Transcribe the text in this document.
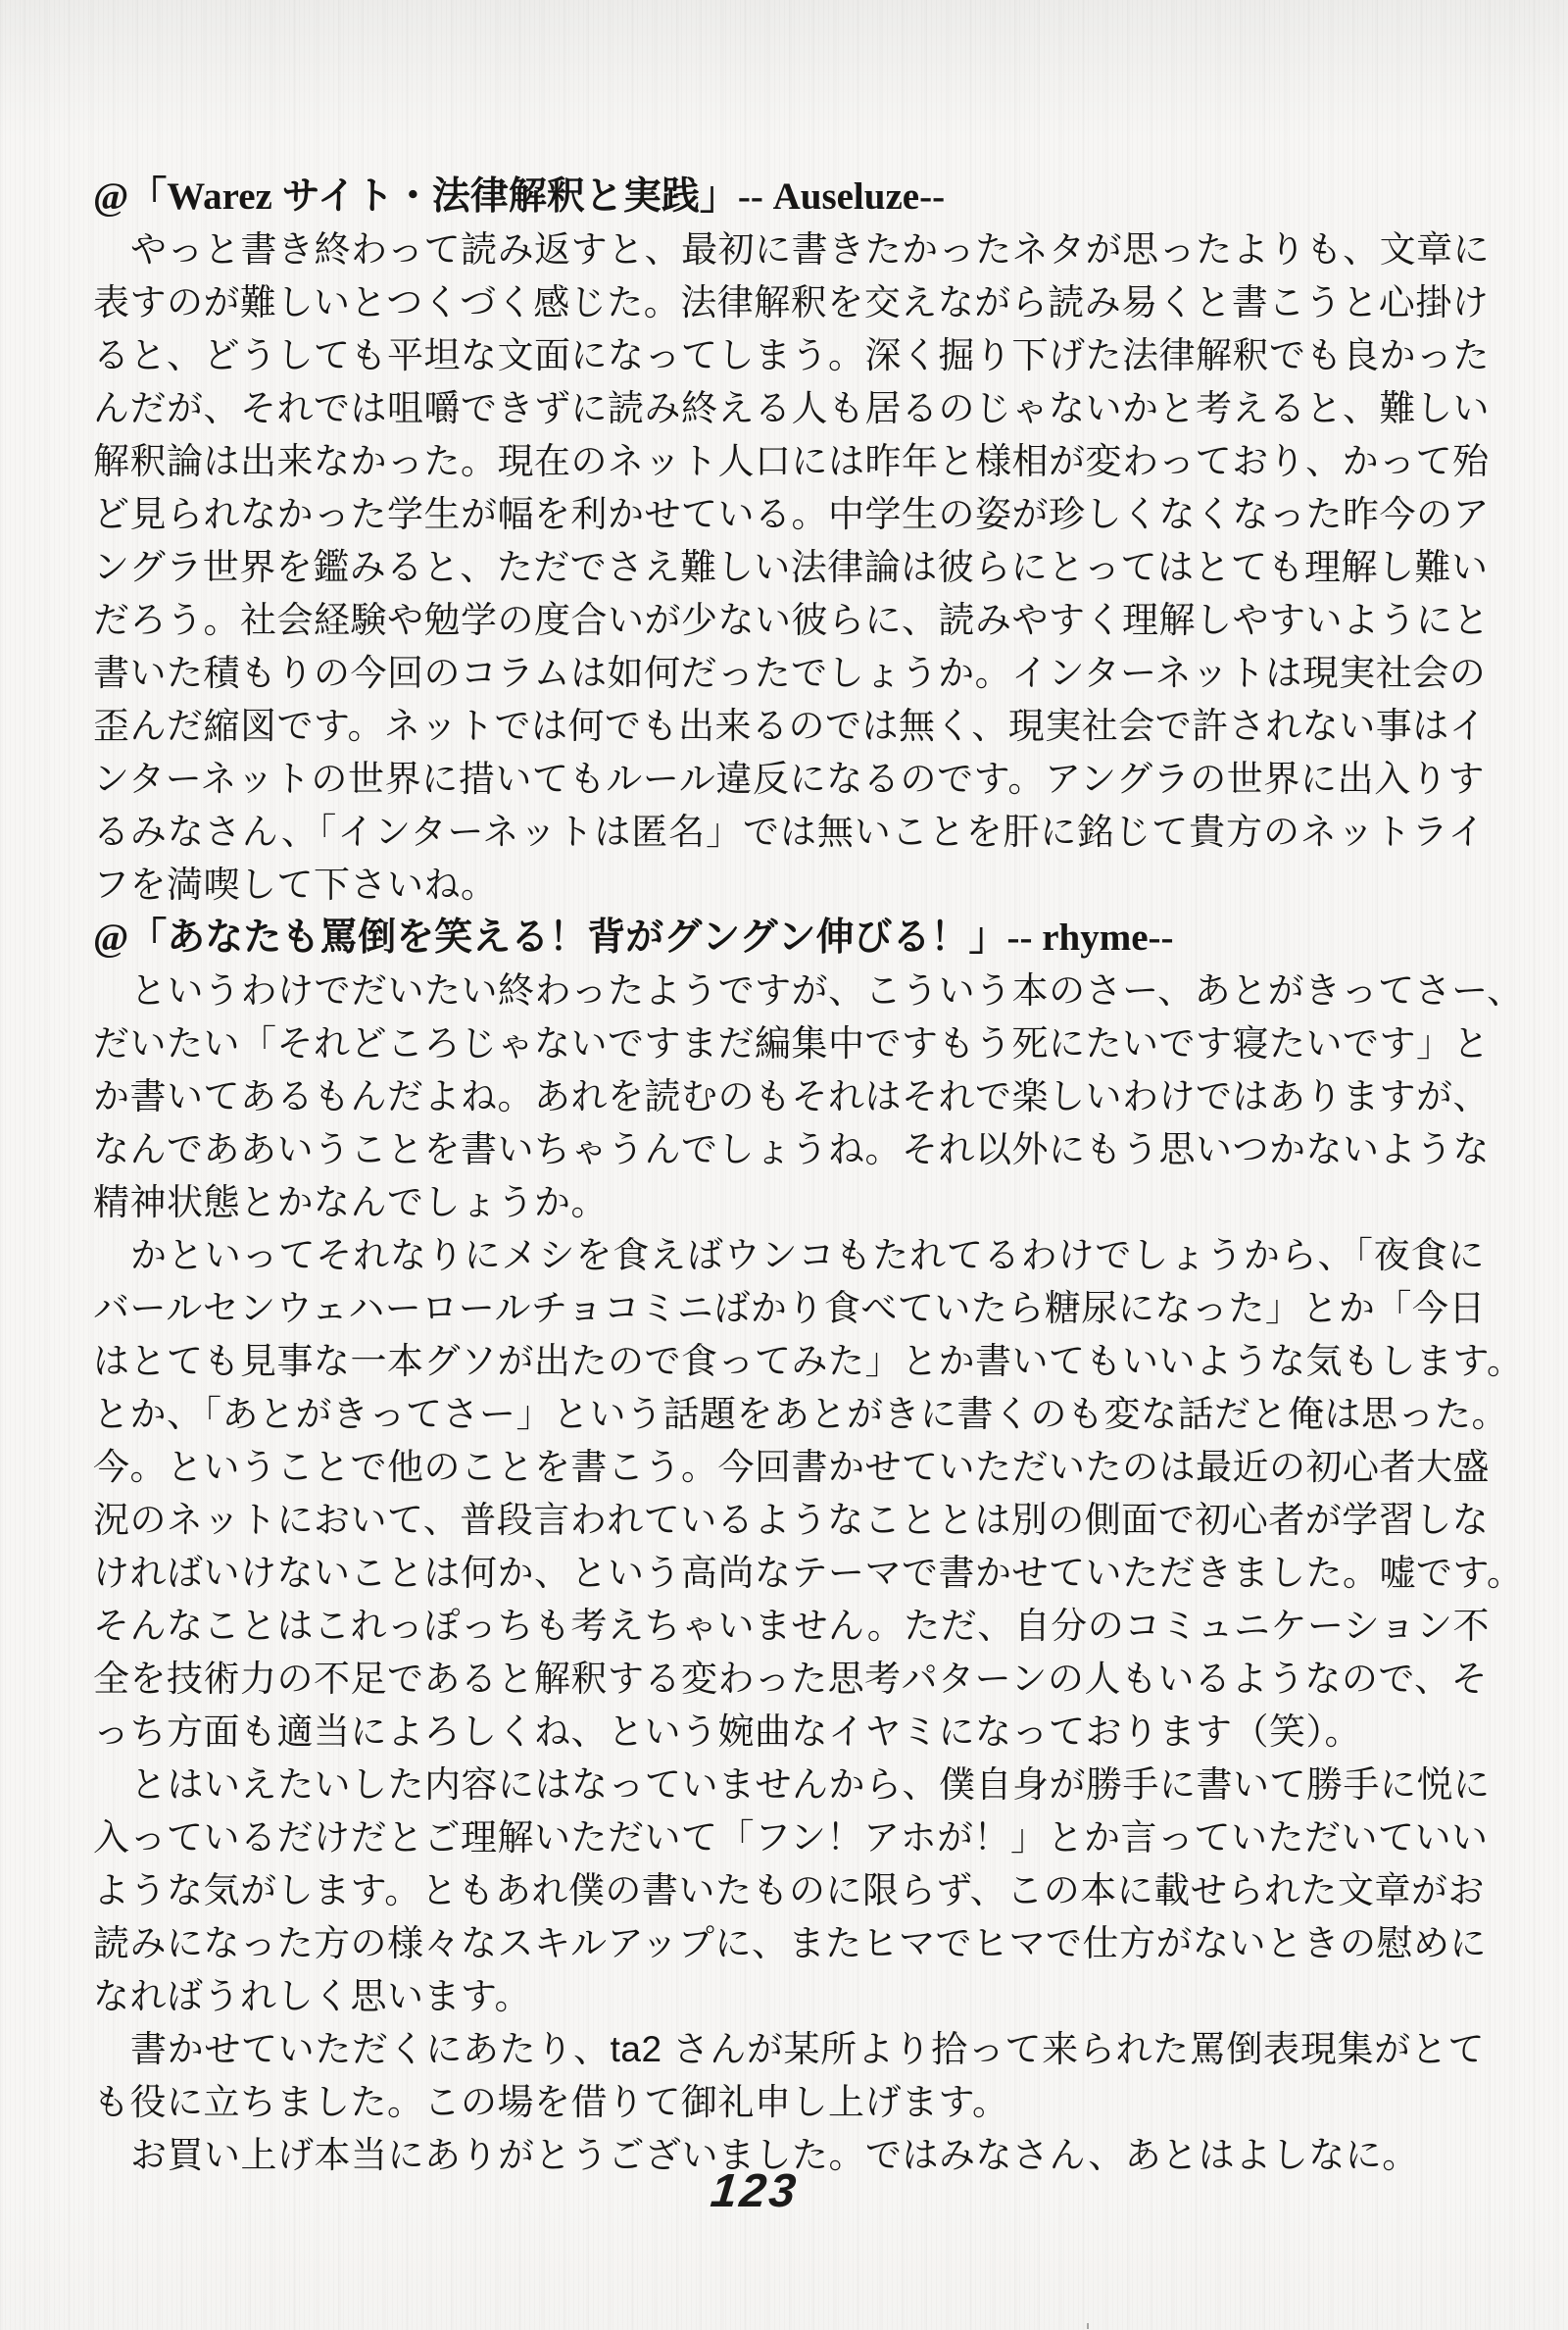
@「Warez サイト・法律解釈と実践」-- Auseluze--
やっと書き終わって読み返すと、最初に書きたかったネタが思ったよりも、文章に
表すのが難しいとつくづく感じた。法律解釈を交えながら読み易くと書こうと心掛け
ると、どうしても平坦な文面になってしまう。深く掘り下げた法律解釈でも良かった
んだが、それでは咀嚼できずに読み終える人も居るのじゃないかと考えると、難しい
解釈論は出来なかった。現在のネット人口には昨年と様相が変わっており、かって殆
ど見られなかった学生が幅を利かせている。中学生の姿が珍しくなくなった昨今のア
ングラ世界を鑑みると、ただでさえ難しい法律論は彼らにとってはとても理解し難い
だろう。社会経験や勉学の度合いが少ない彼らに、読みやすく理解しやすいようにと
書いた積もりの今回のコラムは如何だったでしょうか。インターネットは現実社会の
歪んだ縮図です。ネットでは何でも出来るのでは無く、現実社会で許されない事はイ
ンターネットの世界に措いてもルール違反になるのです。アングラの世界に出入りす
るみなさん、「インターネットは匿名」では無いことを肝に銘じて貴方のネットライ
フを満喫して下さいね。
@「あなたも罵倒を笑える！背がグングン伸びる！」-- rhyme--
というわけでだいたい終わったようですが、こういう本のさー、あとがきってさー、
だいたい「それどころじゃないですまだ編集中ですもう死にたいです寝たいです」と
か書いてあるもんだよね。あれを読むのもそれはそれで楽しいわけではありますが、
なんでああいうことを書いちゃうんでしょうね。それ以外にもう思いつかないような
精神状態とかなんでしょうか。
かといってそれなりにメシを食えばウンコもたれてるわけでしょうから、「夜食に
バールセンウェハーロールチョコミニばかり食べていたら糖尿になった」とか「今日
はとても見事な一本グソが出たので食ってみた」とか書いてもいいような気もします。
とか、「あとがきってさー」という話題をあとがきに書くのも変な話だと俺は思った。
今。ということで他のことを書こう。今回書かせていただいたのは最近の初心者大盛
況のネットにおいて、普段言われているようなこととは別の側面で初心者が学習しな
ければいけないことは何か、という高尚なテーマで書かせていただきました。嘘です。
そんなことはこれっぽっちも考えちゃいません。ただ、自分のコミュニケーション不
全を技術力の不足であると解釈する変わった思考パターンの人もいるようなので、そ
っち方面も適当によろしくね、という婉曲なイヤミになっております（笑）。
とはいえたいした内容にはなっていませんから、僕自身が勝手に書いて勝手に悦に
入っているだけだとご理解いただいて「フン！アホが！」とか言っていただいていい
ような気がします。ともあれ僕の書いたものに限らず、この本に載せられた文章がお
読みになった方の様々なスキルアップに、またヒマでヒマで仕方がないときの慰めに
なればうれしく思います。
書かせていただくにあたり、ta2 さんが某所より拾って来られた罵倒表現集がとて
も役に立ちました。この場を借りて御礼申し上げます。
お買い上げ本当にありがとうございました。ではみなさん、あとはよしなに。
123
